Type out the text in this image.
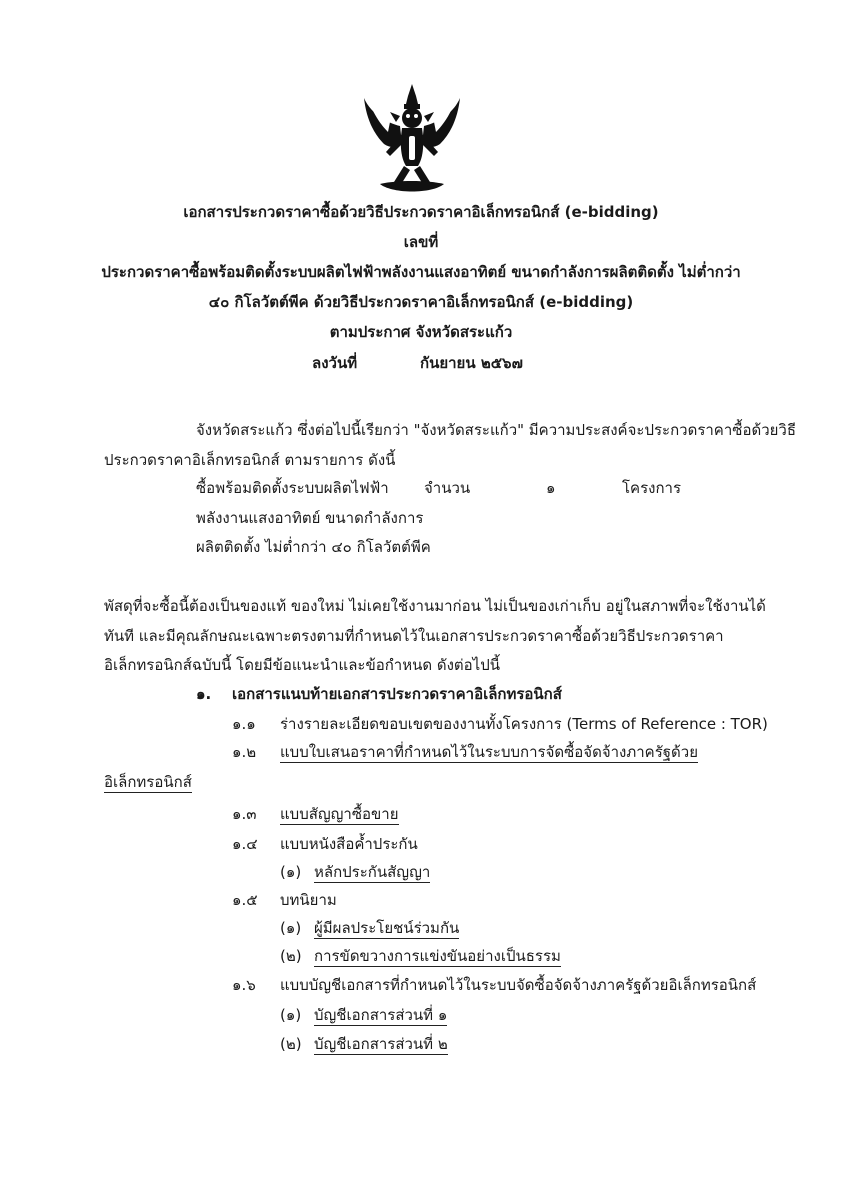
เอกสารประกวดราคาซื้อด้วยวิธีประกวดราคาอิเล็กทรอนิกส์ (e-bidding)
เลขที่
ประกวดราคาซื้อพร้อมติดตั้งระบบผลิตไฟฟ้าพลังงานแสงอาทิตย์ ขนาดกำลังการผลิตติดตั้ง ไม่ต่ำกว่า
๔๐ กิโลวัตต์พีค ด้วยวิธีประกวดราคาอิเล็กทรอนิกส์ (e-bidding)
ตามประกาศ จังหวัดสระแก้ว
ลงวันที่	กันยายน ๒๕๖๗
จังหวัดสระแก้ว ซึ่งต่อไปนี้เรียกว่า "จังหวัดสระแก้ว" มีความประสงค์จะประกวดราคาซื้อด้วยวิธี
ประกวดราคาอิเล็กทรอนิกส์ ตามรายการ ดังนี้
ซื้อพร้อมติดตั้งระบบผลิตไฟฟ้า
พลังงานแสงอาทิตย์ ขนาดกำลังการ
ผลิตติดตั้ง ไม่ต่ำกว่า ๔๐ กิโลวัตต์พีค
จำนวน	๑	โครงการ
พัสดุที่จะซื้อนี้ต้องเป็นของแท้ ของใหม่ ไม่เคยใช้งานมาก่อน ไม่เป็นของเก่าเก็บ อยู่ในสภาพที่จะใช้งานได้
ทันที และมีคุณลักษณะเฉพาะตรงตามที่กำหนดไว้ในเอกสารประกวดราคาซื้อด้วยวิธีประกวดราคา
อิเล็กทรอนิกส์ฉบับนี้ โดยมีข้อแนะนำและข้อกำหนด ดังต่อไปนี้
๑. เอกสารแนบท้ายเอกสารประกวดราคาอิเล็กทรอนิกส์
๑.๑ ร่างรายละเอียดขอบเขตของงานทั้งโครงการ (Terms of Reference : TOR)
๑.๒ แบบใบเสนอราคาที่กำหนดไว้ในระบบการจัดซื้อจัดจ้างภาครัฐด้วย
อิเล็กทรอนิกส์
๑.๓ แบบสัญญาซื้อขาย
๑.๔ แบบหนังสือค้ำประกัน
(๑) หลักประกันสัญญา
๑.๕ บทนิยาม
(๑) ผู้มีผลประโยชน์ร่วมกัน
(๒) การขัดขวางการแข่งขันอย่างเป็นธรรม
๑.๖ แบบบัญชีเอกสารที่กำหนดไว้ในระบบจัดซื้อจัดจ้างภาครัฐด้วยอิเล็กทรอนิกส์
(๑) บัญชีเอกสารส่วนที่ ๑
(๒) บัญชีเอกสารส่วนที่ ๒
